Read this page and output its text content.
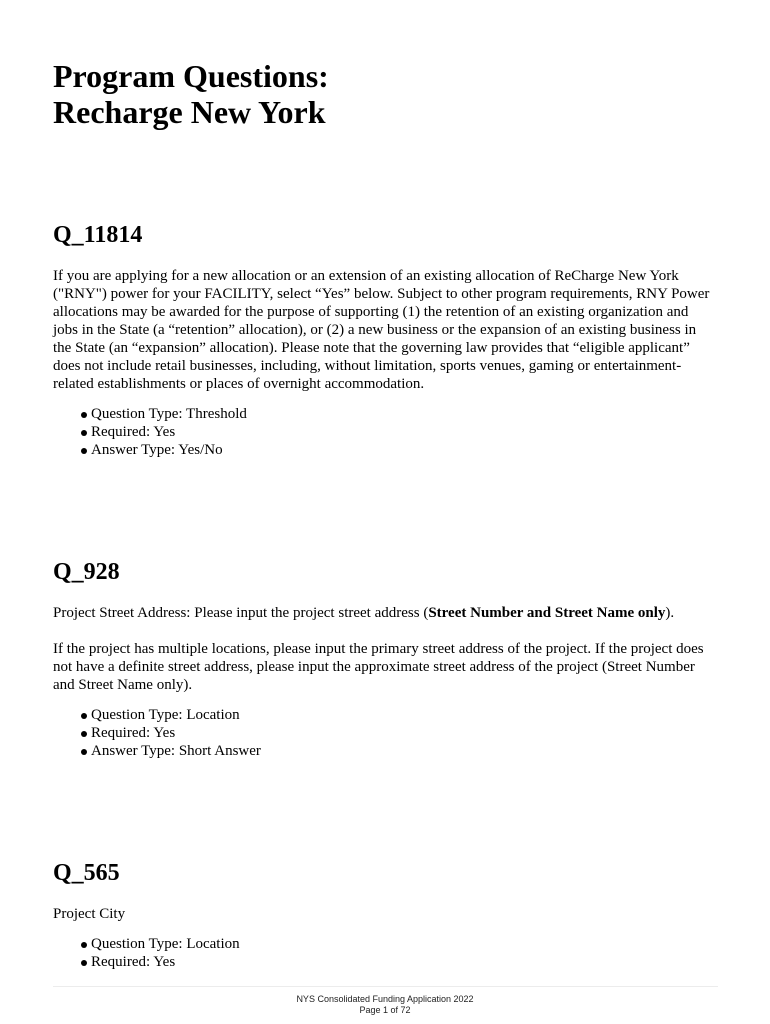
Program Questions:
Recharge New York
Q_11814

If you are applying for a new allocation or an extension of an existing allocation of ReCharge New York ("RNY") power for your FACILITY, select “Yes” below. Subject to other program requirements, RNY Power allocations may be awarded for the purpose of supporting (1) the retention of an existing organization and jobs in the State (a “retention” allocation), or (2) a new business or the expansion of an existing business in the State (an “expansion” allocation). Please note that the governing law provides that “eligible applicant” does not include retail businesses, including, without limitation, sports venues, gaming or entertainment-related establishments or places of overnight accommodation.

Question Type: Threshold
Required: Yes
Answer Type: Yes/No
Q_928

Project Street Address: Please input the project street address (Street Number and Street Name only).

If the project has multiple locations, please input the primary street address of the project. If the project does not have a definite street address, please input the approximate street address of the project (Street Number and Street Name only).

Question Type: Location
Required: Yes
Answer Type: Short Answer
Q_565

Project City

Question Type: Location
Required: Yes
NYS Consolidated Funding Application 2022
Page 1 of 72
